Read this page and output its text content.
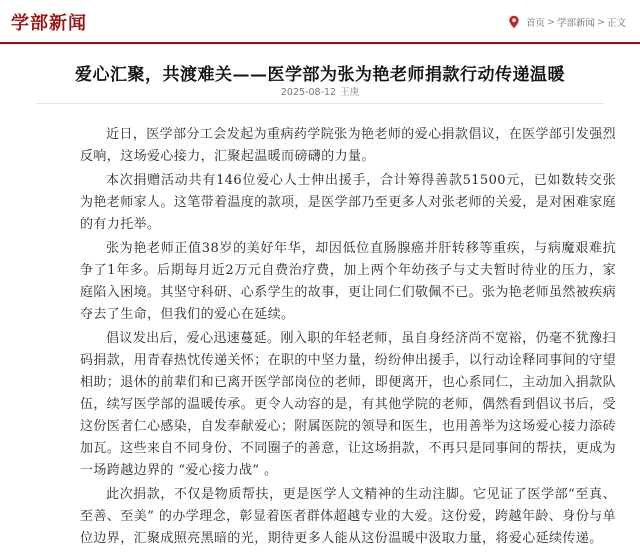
学部新闻	首页 > 学部新闻 > 正文
爱心汇聚，共渡难关——医学部为张为艳老师捐款行动传递温暖
2025-08-12 王庚

近日，医学部分工会发起为重病药学院张为艳老师的爱心捐款倡议，在医学部引发强烈反响，这场爱心接力，汇聚起温暖而磅礴的力量。

本次捐赠活动共有146位爱心人士伸出援手，合计筹得善款51500元，已如数转交张为艳老师家人。这笔带着温度的款项，是医学部乃至更多人对张老师的关爱，是对困难家庭的有力托举。

张为艳老师正值38岁的美好年华，却因低位直肠腺癌并肝转移等重疾，与病魔艰难抗争了1年多。后期每月近2万元自费治疗费，加上两个年幼孩子与丈夫暂时待业的压力，家庭陷入困境。其坚守科研、心系学生的故事，更让同仁们敬佩不已。张为艳老师虽然被疾病夺去了生命，但我们的爱心在延续。

倡议发出后，爱心迅速蔓延。刚入职的年轻老师，虽自身经济尚不宽裕，仍毫不犹豫扫码捐款，用青春热忱传递关怀；在职的中坚力量，纷纷伸出援手，以行动诠释同事间的守望相助；退休的前辈们和已离开医学部岗位的老师，即便离开，也心系同仁，主动加入捐款队伍，续写医学部的温暖传承。更令人动容的是，有其他学院的老师，偶然看到倡议书后，受这份医者仁心感染，自发奉献爱心；附属医院的领导和医生，也用善举为这场爱心接力添砖加瓦。这些来自不同身份、不同圈子的善意，让这场捐款，不再只是同事间的帮扶，更成为一场跨越边界的 “爱心接力战” 。

此次捐款，不仅是物质帮扶，更是医学人文精神的生动注脚。它见证了医学部“至真、至善、至美” 的办学理念，彰显着医者群体超越专业的大爱。这份爱，跨越年龄、身份与单位边界，汇聚成照亮黑暗的光，期待更多人能从这份温暖中汲取力量，将爱心延续传递。
